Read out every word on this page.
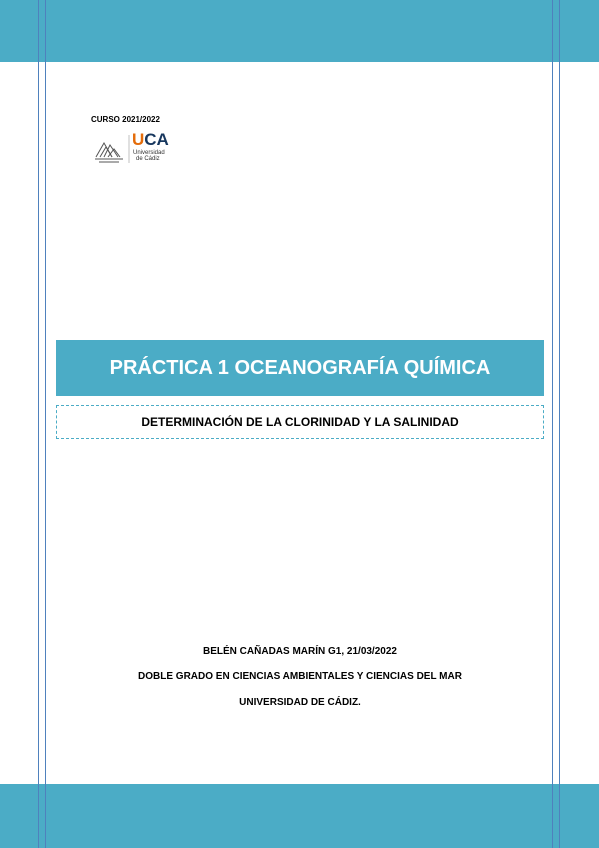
CURSO 2021/2022
UCA
Universidad
de Cádiz
PRÁCTICA 1 OCEANOGRAFÍA QUÍMICA
DETERMINACIÓN DE LA CLORINIDAD Y LA SALINIDAD
BELÉN CAÑADAS MARÍN G1, 21/03/2022
DOBLE GRADO EN CIENCIAS AMBIENTALES Y CIENCIAS DEL MAR
UNIVERSIDAD DE CÁDIZ.
